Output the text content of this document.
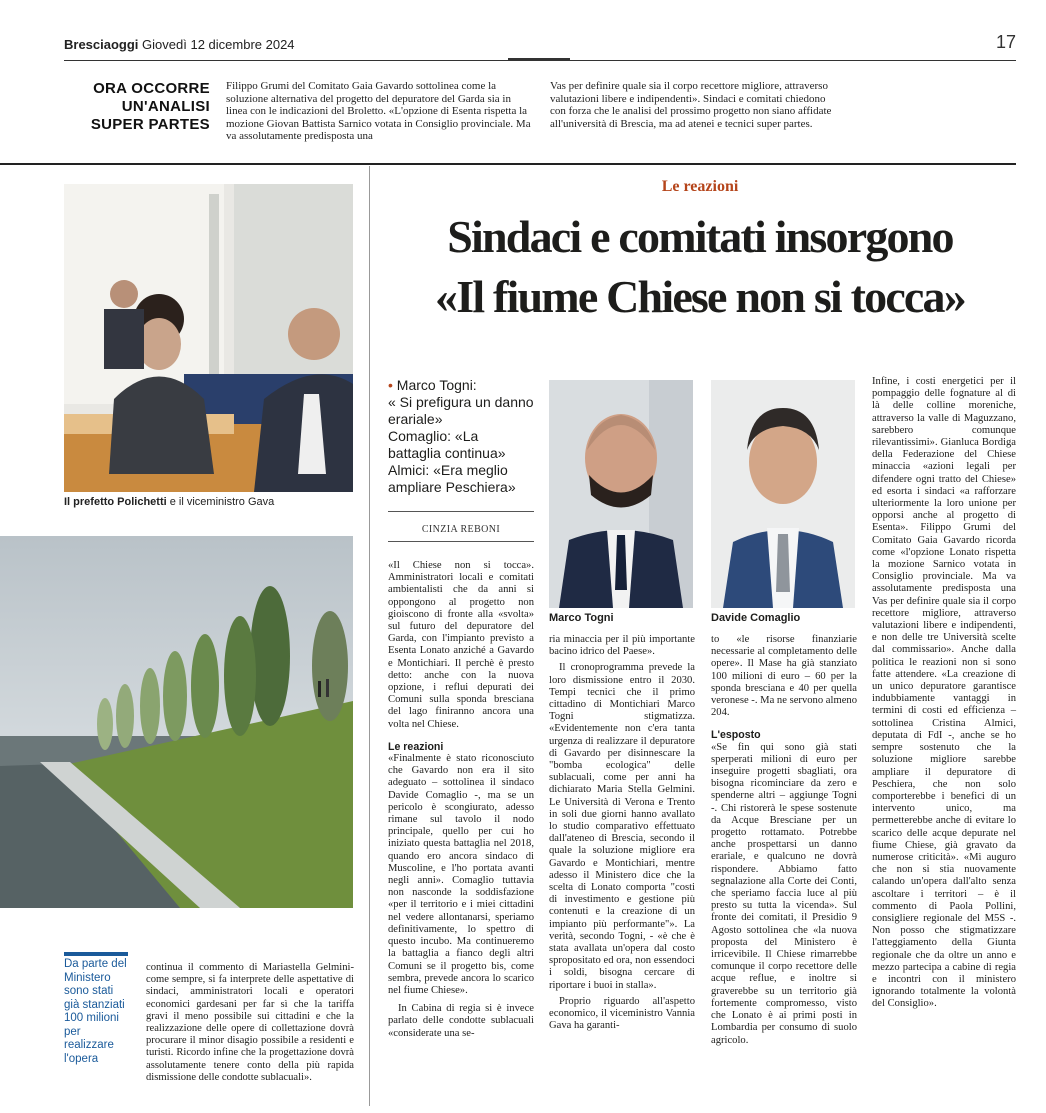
Bresciaoggi Giovedì 12 dicembre 2024	17
ORA OCCORRE
UN'ANALISI
SUPER PARTES
Filippo Grumi del Comitato Gaia Gavardo sottolinea come la soluzione alternativa del progetto del depuratore del Garda sia in linea con le indicazioni del Broletto. «L'opzione di Esenta rispetta la mozione Giovan Battista Sarnico votata in Consiglio provinciale. Ma va assolutamente predisposta una
Vas per definire quale sia il corpo recettore migliore, attraverso valutazioni libere e indipendenti». Sindaci e comitati chiedono con forza che le analisi del prossimo progetto non siano affidate all'università di Brescia, ma ad atenei e tecnici super partes.
Il prefetto Polichetti e il viceministro Gava
Da parte del Ministero sono stati già stanziati 100 milioni per realizzare l'opera
continua il commento di Mariastella Gelmini- come sempre, si fa interprete delle aspettative di sindaci, amministratori locali e operatori economici gardesani per far sì che la tariffa gravi il meno possibile sui cittadini e che la realizzazione delle opere di collettazione dovrà procurare il minor disagio possibile a residenti e turisti. Ricordo infine che la progettazione dovrà assolutamente tenere conto della più rapida dismissione delle condotte sublacuali».
Le reazioni
Sindaci e comitati insorgono
«Il fiume Chiese non si tocca»
• Marco Togni:
« Si prefigura un danno erariale»
Comaglio: «La battaglia continua»
Almici: «Era meglio ampliare Peschiera»
CINZIA REBONI
Marco Togni	Davide Comaglio

«Il Chiese non si tocca». Amministratori locali e comitati ambientalisti che da anni si oppongono al progetto non gioiscono di fronte alla «svolta» sul futuro del depuratore del Garda, con l'impianto previsto a Esenta Lonato anziché a Gavardo e Montichiari. Il perchè è presto detto: anche con la nuova opzione, i reflui depurati dei Comuni sulla sponda bresciana del lago finiranno ancora una volta nel Chiese.

Le reazioni

«Finalmente è stato riconosciuto che Gavardo non era il sito adeguato – sottolinea il sindaco Davide Comaglio -, ma se un pericolo è scongiurato, adesso rimane sul tavolo il nodo principale, quello per cui ho iniziato questa battaglia nel 2018, quando ero ancora sindaco di Muscoline, e l'ho portata avanti negli anni». Comaglio tuttavia non nasconde la soddisfazione «per il territorio e i miei cittadini nel vedere allontanarsi, speriamo definitivamente, lo spettro di questo incubo. Ma continueremo la battaglia a fianco degli altri Comuni se il progetto bis, come sembra, prevede ancora lo scarico nel fiume Chiese».

In Cabina di regia si è invece parlato delle condotte sublacuali «considerate una se-

ria minaccia per il più importante bacino idrico del Paese».

Il cronoprogramma prevede la loro dismissione entro il 2030. Tempi tecnici che il primo cittadino di Montichiari Marco Togni stigmatizza. «Evidentemente non c'era tanta urgenza di realizzare il depuratore di Gavardo per disinnescare la "bomba ecologica" delle sublacuali, come per anni ha dichiarato Maria Stella Gelmini. Le Università di Verona e Trento in soli due giorni hanno avallato lo studio comparativo effettuato dall'ateneo di Brescia, secondo il quale la soluzione migliore era Gavardo e Montichiari, mentre adesso il Ministero dice che la scelta di Lonato comporta "costi di investimento e gestione più contenuti e la creazione di un impianto più performante"». La verità, secondo Togni, - «è che è stata avallata un'opera dal costo spropositato ed ora, non essendoci i soldi, bisogna cercare di riportare i buoi in stalla».

Proprio riguardo all'aspetto economico, il viceministro Vannia Gava ha garanti-

to «le risorse finanziarie necessarie al completamento delle opere». Il Mase ha già stanziato 100 milioni di euro – 60 per la sponda bresciana e 40 per quella veronese -. Ma ne servono almeno 204.

L'esposto

«Se fin qui sono già stati sperperati milioni di euro per inseguire progetti sbagliati, ora bisogna ricominciare da zero e spenderne altri – aggiunge Togni -. Chi ristorerà le spese sostenute da Acque Bresciane per un progetto rottamato. Potrebbe anche prospettarsi un danno erariale, e qualcuno ne dovrà rispondere. Abbiamo fatto segnalazione alla Corte dei Conti, che speriamo faccia luce al più presto su tutta la vicenda». Sul fronte dei comitati, il Presidio 9 Agosto sottolinea che «la nuova proposta del Ministero è irricevibile. Il Chiese rimarrebbe comunque il corpo recettore delle acque reflue, e inoltre si graverebbe su un territorio già fortemente compromesso, visto che Lonato è ai primi posti in Lombardia per consumo di suolo agricolo.

Infine, i costi energetici per il pompaggio delle fognature al di là delle colline moreniche, attraverso la valle di Maguzzano, sarebbero comunque rilevantissimi». Gianluca Bordiga della Federazione del Chiese minaccia «azioni legali per difendere ogni tratto del Chiese» ed esorta i sindaci «a rafforzare ulteriormente la loro unione per opporsi anche al progetto di Esenta». Filippo Grumi del Comitato Gaia Gavardo ricorda come «l'opzione Lonato rispetta la mozione Sarnico votata in Consiglio provinciale. Ma va assolutamente predisposta una Vas per definire quale sia il corpo recettore migliore, attraverso valutazioni libere e indipendenti, e non delle tre Università scelte dal commissario». Anche dalla politica le reazioni non si sono fatte attendere. «La creazione di un unico depuratore garantisce indubbiamente vantaggi in termini di costi ed efficienza – sottolinea Cristina Almici, deputata di FdI -, anche se ho sempre sostenuto che la soluzione migliore sarebbe ampliare il depuratore di Peschiera, che non solo comporterebbe i benefici di un intervento unico, ma permetterebbe anche di evitare lo scarico delle acque depurate nel fiume Chiese, già gravato da numerose criticità». «Mi auguro che non si stia nuovamente calando un'opera dall'alto senza ascoltare i territori – è il commento di Paola Pollini, consigliere regionale del M5S -. Non posso che stigmatizzare l'atteggiamento della Giunta regionale che da oltre un anno e mezzo partecipa a cabine di regia e incontri con il ministero ignorando totalmente la volontà del Consiglio».
